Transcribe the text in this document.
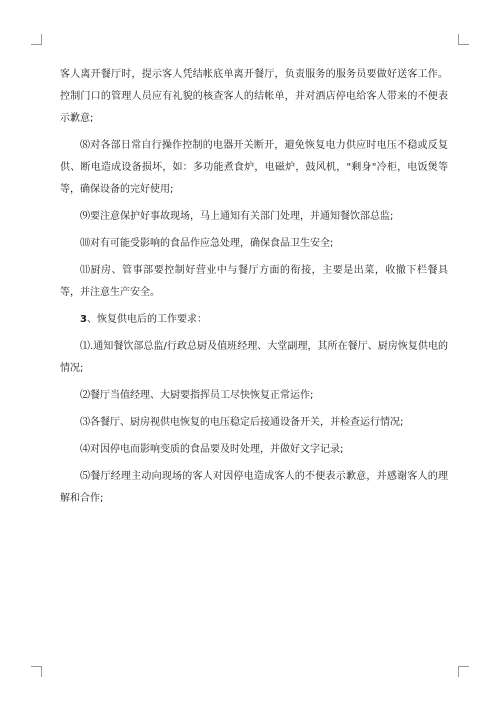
客人离开餐厅时，提示客人凭结帐底单离开餐厅，负责服务的服务员要做好送客工作。控制门口的管理人员应有礼貌的核查客人的结帐单，并对酒店停电给客人带来的不便表示歉意;

⑻对各部日常自行操作控制的电器开关断开，避免恢复电力供应时电压不稳或反复供、断电造成设备损坏，如：多功能煮食炉，电磁炉，鼓风机，"剩身"冷柜，电饭煲等等，确保设备的完好使用;

⑼要注意保护好事故现场，马上通知有关部门处理，并通知餐饮部总监;

⑽对有可能受影响的食品作应急处理，确保食品卫生安全;

⑾厨房、管事部要控制好营业中与餐厅方面的衔接，主要是出菜，收撤下栏餐具等，并注意生产安全。

3、恢复供电后的工作要求：

⑴.通知餐饮部总监/行政总厨及值班经理、大堂副理，其所在餐厅、厨房恢复供电的情况;

⑵餐厅当值经理、大厨要指挥员工尽快恢复正常运作;

⑶各餐厅、厨房视供电恢复的电压稳定后接通设备开关，并检查运行情况;

⑷对因停电而影响变质的食品要及时处理，并做好文字记录;

⑸餐厅经理主动向现场的客人对因停电造成客人的不便表示歉意，并感谢客人的理解和合作;
